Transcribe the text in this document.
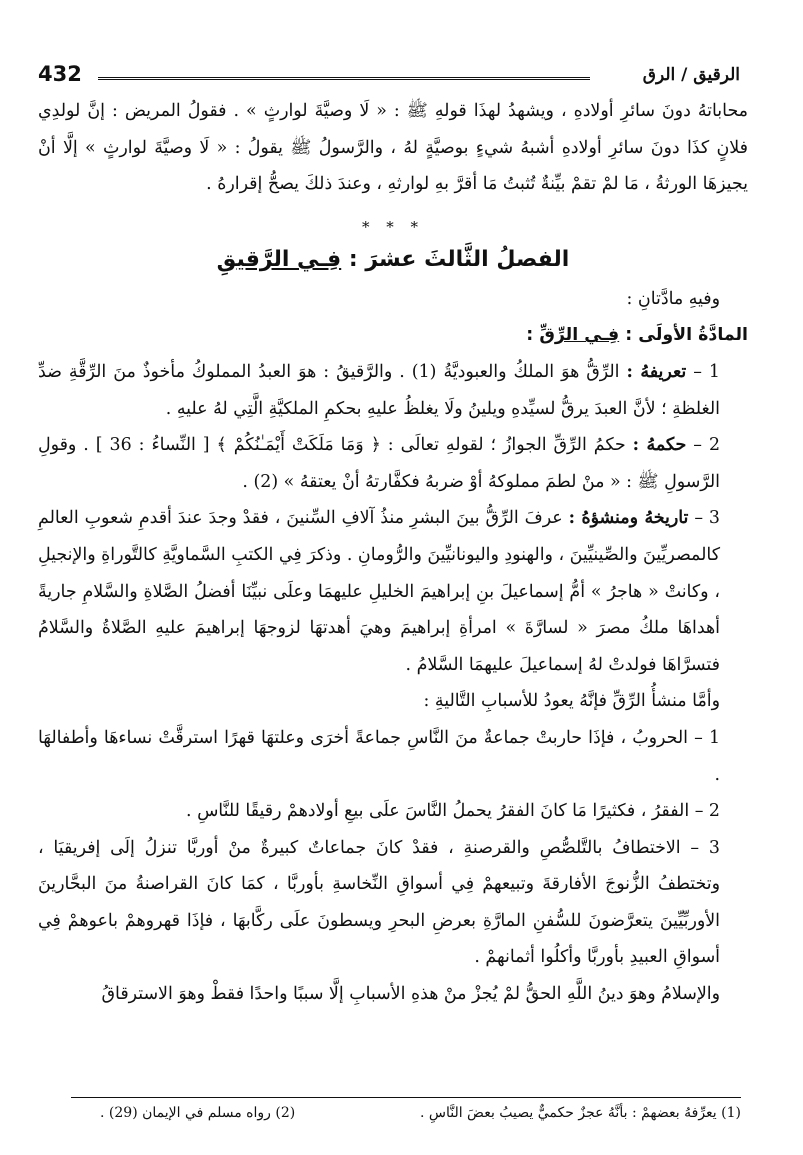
432	الرقيق / الرق

محاباتهُ دونَ سائرِ أولادهِ ، ويشهدُ لهذَا قولهِ ﷺ : « لَا وصيَّةَ لوارثٍ » . فقولُ المريض : إنَّ لولدِي فلانٍ كذَا دونَ سائرِ أولادهِ أشبهُ شيءٍ بوصيَّةٍ لهُ ، والرَّسولُ ﷺ يقولُ : « لَا وصيَّةَ لوارثٍ » إلَّا أنْ يجيزهَا الورثةُ ، مَا لمْ تقمْ بيِّنةٌ تُثبتُ مَا أقرَّ بهِ لوارثهِ ، وعندَ ذلكَ يصحُّ إقرارهُ .

* * *
الفصلُ الثَّالثَ عشرَ : فِـي الرَّقيقِ

وفيهِ مادَّتانِ :

المادَّةُ الأولَى : فِـي الرِّقِّ :

1 – تعريفهُ : الرِّقُّ هوَ الملكُ والعبوديَّةُ (1) . والرَّقيقُ : هوَ العبدُ المملوكُ مأخوذٌ منَ الرِّقَّةِ ضدِّ الغلظةِ ؛ لأنَّ العبدَ يرقُّ لسيِّدهِ ويلينُ ولَا يغلظُ عليهِ بحكمِ الملكيَّةِ الَّتِي لهُ عليهِ .

2 – حكمهُ : حكمُ الرِّقِّ الجوازُ ؛ لقولهِ تعالَى : ﴿ وَمَا مَلَكَتْ أَيْمَـٰنُكُمْ ﴾ [ النِّساءُ : 36 ] . وقولِ الرَّسولِ ﷺ : « منْ لطمَ مملوكهُ أوْ ضربهُ فكفَّارتهُ أنْ يعتقهُ » (2) .

3 – تاريخهُ ومنشؤهُ : عرفَ الرِّقُّ بينَ البشرِ منذُ آلافِ السِّنينَ ، فقدْ وجدَ عندَ أقدمِ شعوبِ العالمِ كالمصريِّينَ والصِّينيِّينَ ، والهنودِ واليونانيِّينَ والرُّومانِ . وذكرَ فِي الكتبِ السَّماويَّةِ كالتَّوراةِ والإنجيلِ ، وكانتْ « هاجرُ » أمُّ إسماعيلَ بنِ إبراهيمَ الخليلِ عليهمَا وعلَى نبيِّنَا أفضلُ الصَّلاةِ والسَّلامِ جاريةً أهداهَا ملكُ مصرَ « لسارَّةَ » امرأةِ إبراهيمَ وهيَ أهدتهَا لزوجهَا إبراهيمَ عليهِ الصَّلاةُ والسَّلامُ فتسرَّاهَا فولدتْ لهُ إسماعيلَ عليهمَا السَّلامُ .

وأمَّا منشأُ الرِّقِّ فإنَّهُ يعودُ للأسبابِ التَّاليةِ :

1 – الحروبُ ، فإذَا حاربتْ جماعةٌ منَ النَّاسِ جماعةً أخرَى وعلتهَا قهرًا استرقَّتْ نساءهَا وأطفالهَا .

2 – الفقرُ ، فكثيرًا مَا كانَ الفقرُ يحملُ النَّاسَ علَى بيعِ أولادهمْ رقيقًا للنَّاسِ .

3 – الاختطافُ بالتَّلصُّصِ والقرصنةِ ، فقدْ كانَ جماعاتٌ كبيرةٌ منْ أوربَّا تنزلُ إلَى إفريقيَا ، وتختطفُ الزُّنوجَ الأفارقةَ وتبيعهمْ فِي أسواقِ النِّخاسةِ بأوربَّا ، كمَا كانَ القراصنةُ منَ البحَّارينَ الأوربِّيِّينَ يتعرَّضونَ للسُّفنِ المارَّةِ بعرضِ البحرِ ويسطونَ علَى ركَّابهَا ، فإذَا قهروهمْ باعوهمْ فِي أسواقِ العبيدِ بأوربَّا وأكلُوا أثمانهمْ .

والإسلامُ وهوَ دينُ اللَّهِ الحقُّ لمْ يُجزْ منْ هذهِ الأسبابِ إلَّا سببًا واحدًا فقطْ وهوَ الاسترقاقُ

(1) يعرِّفهُ بعضهمْ : بأنَّهُ عجزٌ حكميٌّ يصيبُ بعضَ النَّاسِ .
(2) رواه مسلم في الإيمان (29) .
